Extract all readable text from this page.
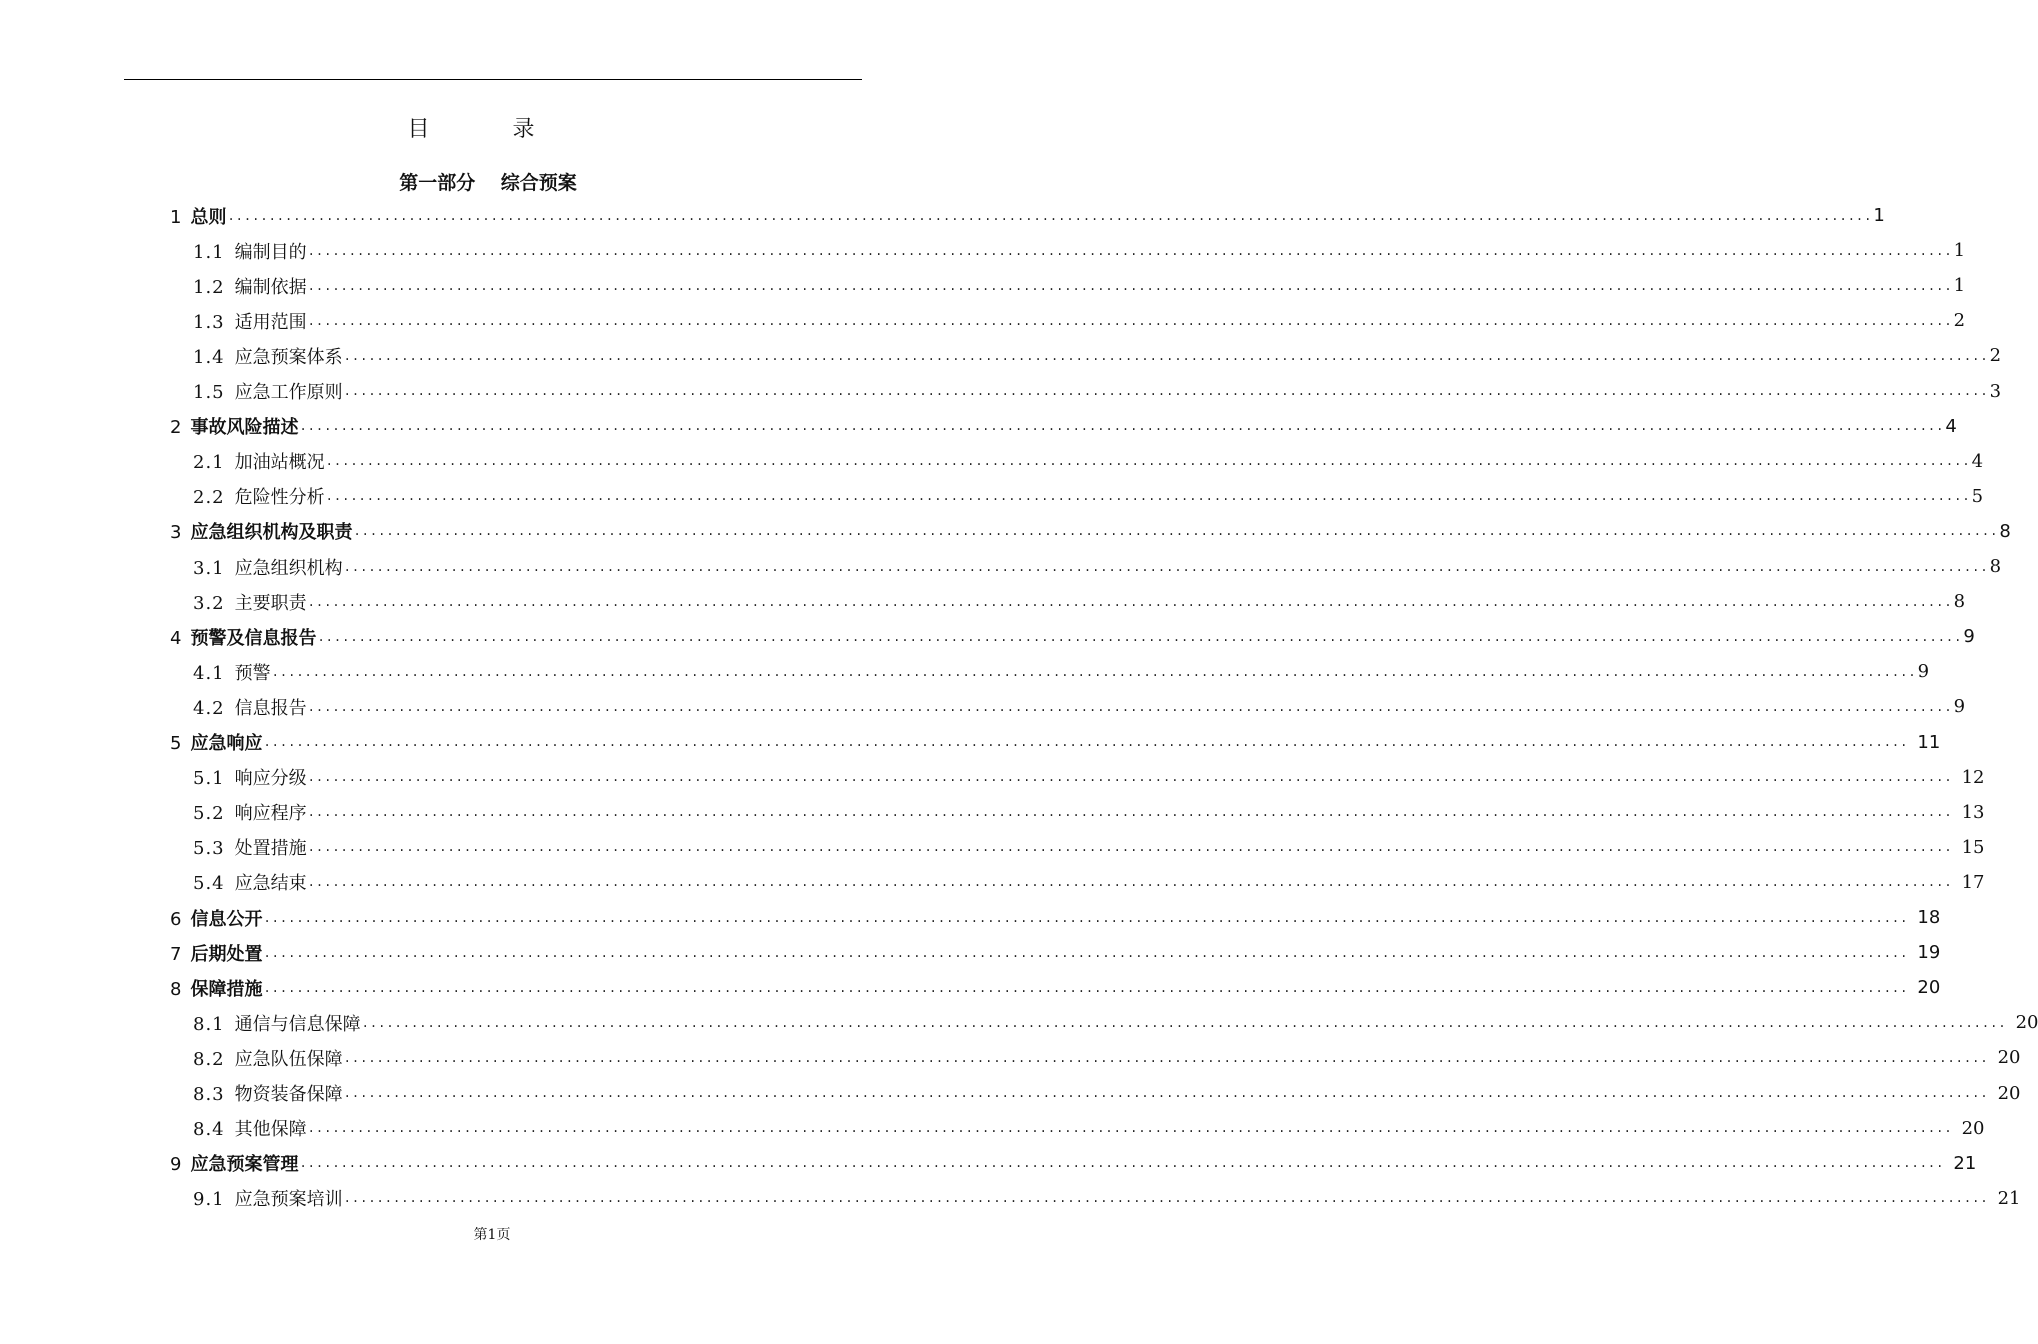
目 录
第一部分　 综合预案
1 总则 ........................................................................................................................................................................................................ 1
1.1 编制目的 ........................................................................................................................................................................................................ 1
1.2 编制依据 ........................................................................................................................................................................................................ 1
1.3 适用范围 ........................................................................................................................................................................................................ 2
1.4 应急预案体系 ........................................................................................................................................................................................................ 2
1.5 应急工作原则 ........................................................................................................................................................................................................ 3
2 事故风险描述 ........................................................................................................................................................................................................ 4
2.1 加油站概况 ........................................................................................................................................................................................................ 4
2.2 危险性分析 ........................................................................................................................................................................................................ 5
3 应急组织机构及职责 ........................................................................................................................................................................................................ 8
3.1 应急组织机构 ........................................................................................................................................................................................................ 8
3.2 主要职责 ........................................................................................................................................................................................................ 8
4 预警及信息报告 ........................................................................................................................................................................................................ 9
4.1 预警 ........................................................................................................................................................................................................ 9
4.2 信息报告 ........................................................................................................................................................................................................ 9
5 应急响应 ........................................................................................................................................................................................................ 11
5.1 响应分级 ........................................................................................................................................................................................................ 12
5.2 响应程序 ........................................................................................................................................................................................................ 13
5.3 处置措施 ........................................................................................................................................................................................................ 15
5.4 应急结束 ........................................................................................................................................................................................................ 17
6 信息公开 ........................................................................................................................................................................................................ 18
7 后期处置 ........................................................................................................................................................................................................ 19
8 保障措施 ........................................................................................................................................................................................................ 20
8.1 通信与信息保障 ........................................................................................................................................................................................................ 20
8.2 应急队伍保障 ........................................................................................................................................................................................................ 20
8.3 物资装备保障 ........................................................................................................................................................................................................ 20
8.4 其他保障 ........................................................................................................................................................................................................ 20
9 应急预案管理 ........................................................................................................................................................................................................ 21
9.1 应急预案培训 ........................................................................................................................................................................................................ 21
第1页
